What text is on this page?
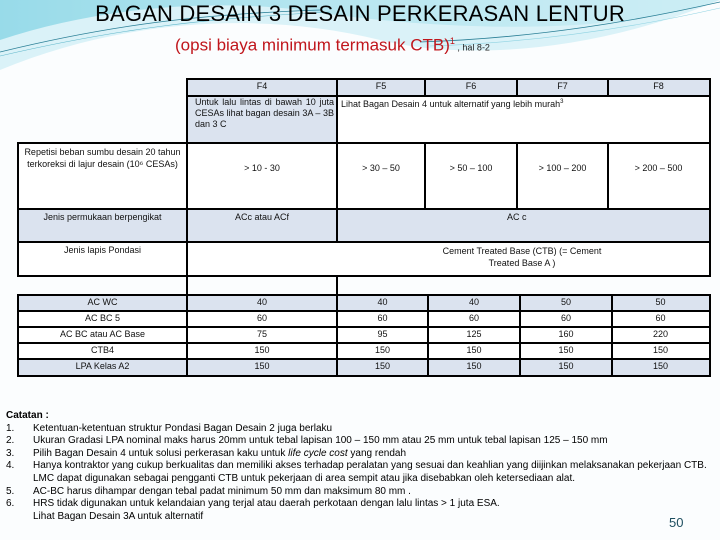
BAGAN DESAIN 3 DESAIN PERKERASAN LENTUR
(opsi biaya minimum termasuk CTB)$^1$ , hal 8-2
F4	F5	F6	F7	F8
Untuk lalu lintas di bawah 10 juta CESAs lihat bagan desain 3A – 3B dan 3 C
Lihat Bagan Desain 4 untuk alternatif yang lebih murah$^3$
Repetisi beban sumbu desain 20 tahun terkoreksi di lajur desain (10⁶ CESAs)	> 10 - 30	> 30 – 50	> 50 – 100	> 100 – 200	> 200 – 500
Jenis permukaan berpengikat	ACc atau ACf	AC c
Jenis lapis Pondasi	Cement Treated Base (CTB) (= Cement Treated Base A )
AC WC	40	40	40	50	50
AC BC 5	60	60	60	60	60
AC BC atau AC Base	75	95	125	160	220
CTB4	150	150	150	150	150
LPA Kelas A2	150	150	150	150	150
Catatan :
1.	Ketentuan-ketentuan struktur Pondasi Bagan Desain 2 juga berlaku
2.	Ukuran Gradasi LPA nominal maks harus 20mm untuk tebal lapisan 100 – 150 mm atau 25 mm untuk tebal lapisan 125 – 150 mm
3.	Pilih Bagan Desain 4 untuk solusi perkerasan kaku untuk life cycle cost yang rendah
4.	Hanya kontraktor yang cukup berkualitas dan memiliki akses terhadap peralatan yang sesuai dan keahlian yang diijinkan melaksanakan pekerjaan CTB. LMC dapat digunakan sebagai pengganti CTB untuk pekerjaan di area sempit atau jika disebabkan oleh ketersediaan alat.
5.	AC-BC harus dihampar dengan tebal padat minimum 50 mm dan maksimum 80 mm .
6.	HRS tidak digunakan untuk kelandaian yang terjal atau daerah perkotaan dengan lalu lintas > 1 juta ESA.
Lihat Bagan Desain 3A untuk alternatif	50
